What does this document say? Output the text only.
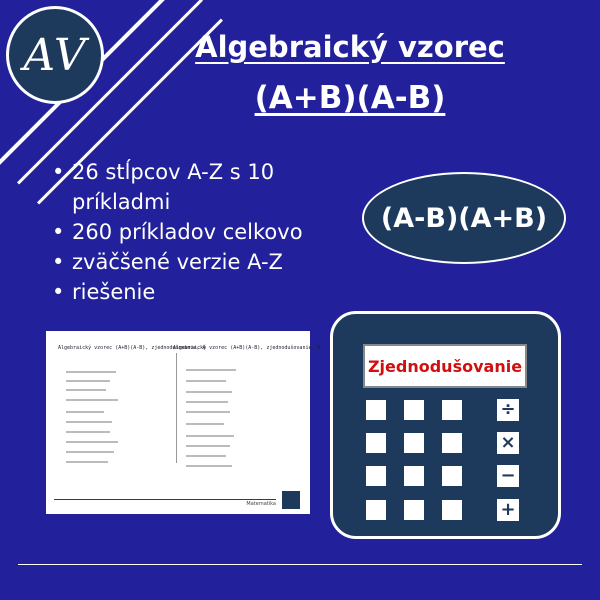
AV	Algebraický vzorec
(A+B)(A-B)
• 26 stĺpcov A-Z s 10 príkladmi
• 260 príkladov celkovo
• zväčšené verzie A-Z
• riešenie
(A-B)(A+B)
Algebraický vzorec (A+B)(A-B), zjednodušovanie, A
Algebraický vzorec (A+B)(A-B), zjednodušovanie, B
Matematika
Zjednodušovanie
÷
×
−
+
